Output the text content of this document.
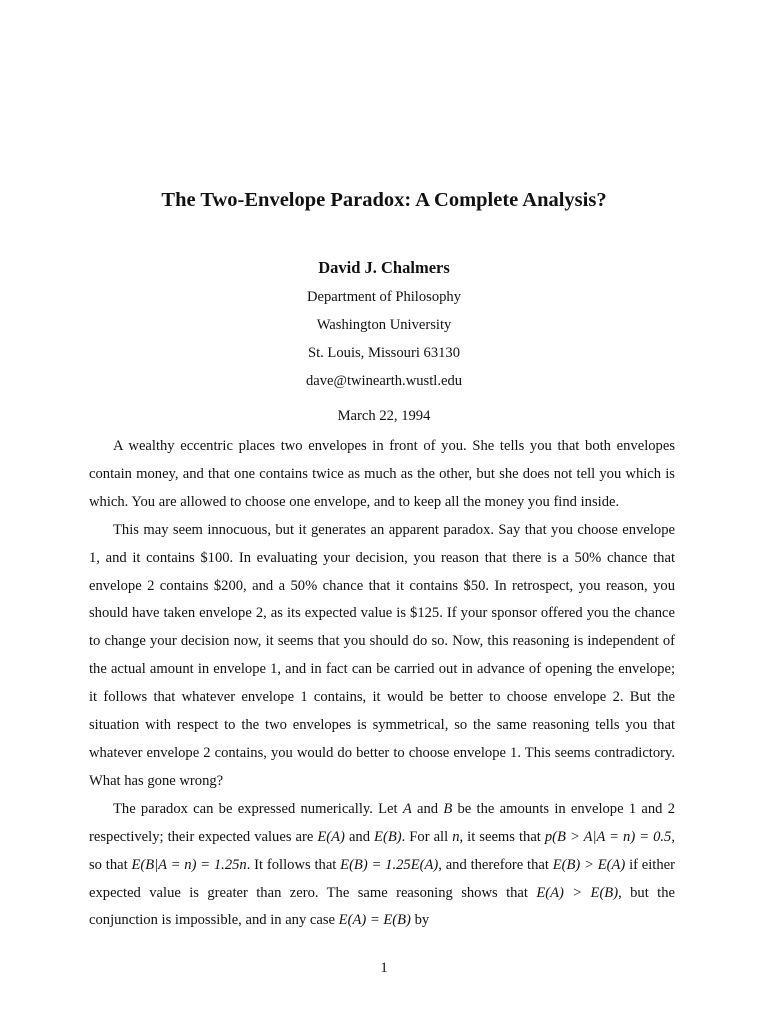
The Two-Envelope Paradox: A Complete Analysis?
David J. Chalmers
Department of Philosophy
Washington University
St. Louis, Missouri 63130
dave@twinearth.wustl.edu
March 22, 1994

A wealthy eccentric places two envelopes in front of you. She tells you that both envelopes contain money, and that one contains twice as much as the other, but she does not tell you which is which. You are allowed to choose one envelope, and to keep all the money you find inside.

This may seem innocuous, but it generates an apparent paradox. Say that you choose envelope 1, and it contains $100. In evaluating your decision, you reason that there is a 50% chance that envelope 2 contains $200, and a 50% chance that it contains $50. In retrospect, you reason, you should have taken envelope 2, as its expected value is $125. If your sponsor offered you the chance to change your decision now, it seems that you should do so. Now, this reasoning is independent of the actual amount in envelope 1, and in fact can be carried out in advance of opening the envelope; it follows that whatever envelope 1 contains, it would be better to choose envelope 2. But the situation with respect to the two envelopes is symmetrical, so the same reasoning tells you that whatever envelope 2 contains, you would do better to choose envelope 1. This seems contradictory. What has gone wrong?

The paradox can be expressed numerically. Let A and B be the amounts in envelope 1 and 2 respectively; their expected values are E(A) and E(B). For all n, it seems that p(B > A|A = n) = 0.5, so that E(B|A = n) = 1.25n. It follows that E(B) = 1.25E(A), and therefore that E(B) > E(A) if either expected value is greater than zero. The same reasoning shows that E(A) > E(B), but the conjunction is impossible, and in any case E(A) = E(B) by

1
